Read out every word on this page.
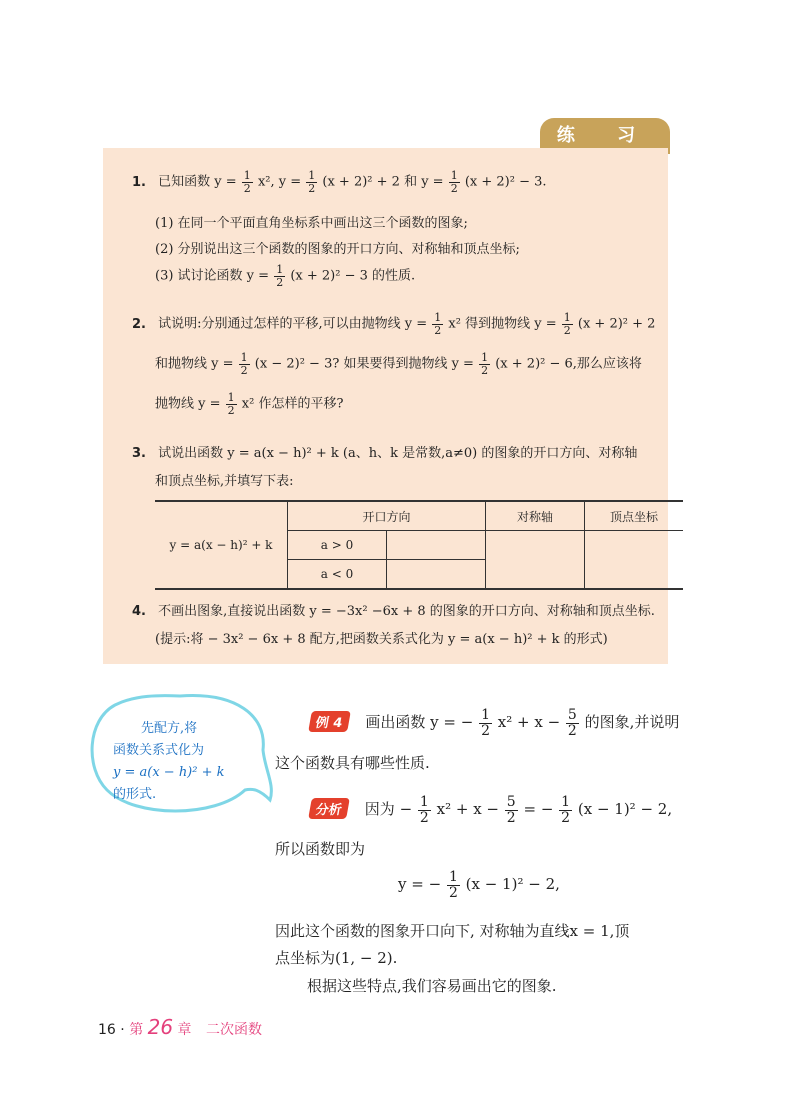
练 习
1. 已知函数 $y = \frac{1}{2} x^2$, $y = \frac{1}{2} (x + 2)^2 + 2$ 和 $y = \frac{1}{2} (x + 2)^2 - 3$.
(1) 在同一个平面直角坐标系中画出这三个函数的图象;
(2) 分别说出这三个函数的图象的开口方向、对称轴和顶点坐标;
(3) 试讨论函数 $y = \frac{1}{2} (x + 2)^2 - 3$ 的性质.
2. 试说明:分别通过怎样的平移,可以由抛物线 $y = \frac{1}{2} x^2$ 得到抛物线 $y = \frac{1}{2} (x + 2)^2 + 2$
和抛物线 $y = \frac{1}{2} (x - 2)^2 - 3$? 如果要得到抛物线 $y = \frac{1}{2} (x + 2)^2 - 6$,那么应该将
抛物线 $y = \frac{1}{2} x^2$ 作怎样的平移?
3. 试说出函数 y = a(x − h)² + k (a、h、k 是常数,a≠0) 的图象的开口方向、对称轴
和顶点坐标,并填写下表:
y = a(x − h)² + k	开口方向		对称轴	顶点坐标
	a > 0			
	a < 0			
4. 不画出图象,直接说出函数 y = −3x² −6x + 8 的图象的开口方向、对称轴和顶点坐标.
(提示:将 − 3x² − 6x + 8 配方,把函数关系式化为 y = a(x − h)² + k 的形式)
先配方,将
函数关系式化为
y = a(x − h)² + k
的形式.
例 4 画出函数 y = − $\frac{1}{2} x^2 + x - \frac{5}{2}$ 的图象,并说明
这个函数具有哪些性质.
分析 因为 − $\frac{1}{2} x^2 + x - \frac{5}{2}$ = − $\frac{1}{2} (x - 1)^2 - 2$,
所以函数即为
y = − $\frac{1}{2} (x - 1)^2 - 2$,
因此这个函数的图象开口向下, 对称轴为直线x = 1,顶
点坐标为(1, − 2).
根据这些特点,我们容易画出它的图象.
16 · 第 26 章 二次函数
